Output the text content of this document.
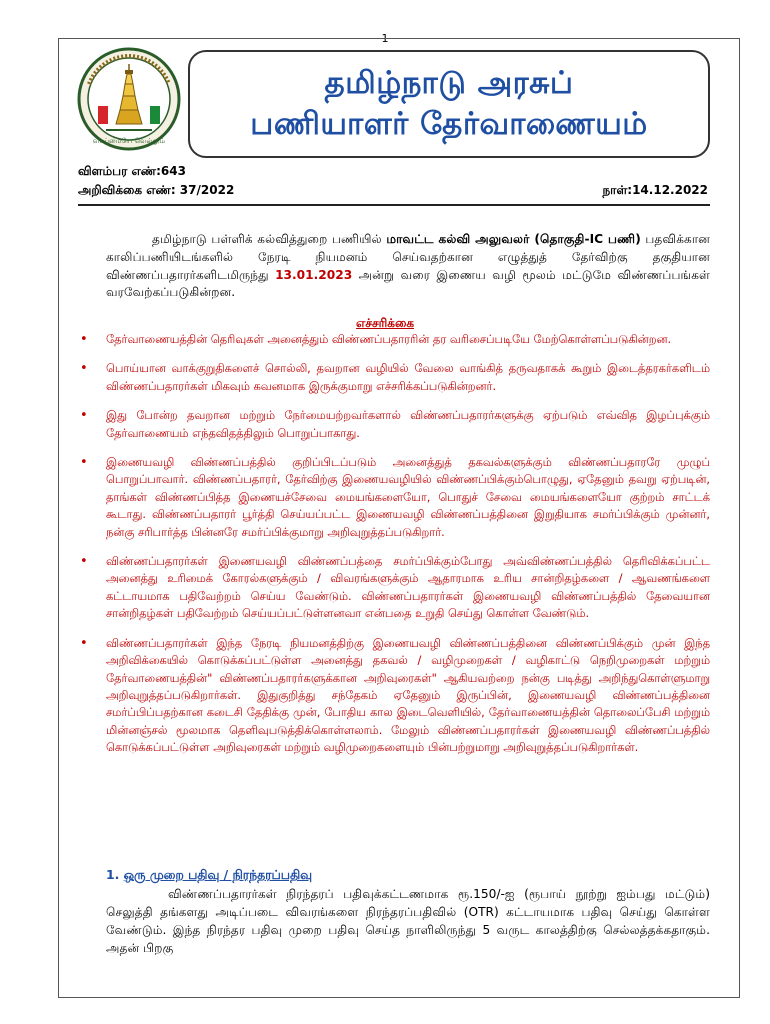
1
வாய்மையே வெல்லும்
தமிழ்நாடு அரசுப்
பணியாளர் தேர்வாணையம்
விளம்பர எண்:643
அறிவிக்கை எண்: 37/2022	நாள்:14.12.2022
தமிழ்நாடு பள்ளிக் கல்வித்துறை பணியில் மாவட்ட கல்வி அலுவலர் (தொகுதி-IC பணி) பதவிக்கான காலிப்பணியிடங்களில் நேரடி நியமனம் செய்வதற்கான எழுத்துத் தேர்விற்கு தகுதியான விண்ணப்பதாரர்களிடமிருந்து 13.01.2023 அன்று வரை இணைய வழி மூலம் மட்டுமே விண்ணப்பங்கள் வரவேற்கப்படுகின்றன.
எச்சரிக்கை
• தேர்வாணையத்தின் தெரிவுகள் அனைத்தும் விண்ணப்பதாரரின் தர வரிசைப்படியே மேற்கொள்ளப்படுகின்றன.
• பொய்யான வாக்குறுதிகளைச் சொல்லி, தவறான வழியில் வேலை வாங்கித் தருவதாகக் கூறும் இடைத்தரகர்களிடம் விண்ணப்பதாரர்கள் மிகவும் கவனமாக இருக்குமாறு எச்சரிக்கப்படுகின்றனர்.
• இது போன்ற தவறான மற்றும் நேர்மையற்றவர்களால் விண்ணப்பதாரர்களுக்கு ஏற்படும் எவ்வித இழப்புக்கும் தேர்வாணையம் எந்தவிதத்திலும் பொறுப்பாகாது.
• இணையவழி விண்ணப்பத்தில் குறிப்பிடப்படும் அனைத்துத் தகவல்களுக்கும் விண்ணப்பதாரரே முழுப் பொறுப்பாவார். விண்ணப்பதாரர், தேர்விற்கு இணையவழியில் விண்ணப்பிக்கும்பொழுது, ஏதேனும் தவறு ஏற்படின், தாங்கள் விண்ணப்பித்த இணையச்சேவை மையங்களையோ, பொதுச் சேவை மையங்களையோ குற்றம் சாட்டக் கூடாது. விண்ணப்பதாரர் பூர்த்தி செய்யப்பட்ட இணையவழி விண்ணப்பத்தினை இறுதியாக சமர்ப்பிக்கும் முன்னர், நன்கு சரிபார்த்த பின்னரே சமர்ப்பிக்குமாறு அறிவுறுத்தப்படுகிறார்.
• விண்ணப்பதாரர்கள் இணையவழி விண்ணப்பத்தை சமர்ப்பிக்கும்போது அவ்விண்ணப்பத்தில் தெரிவிக்கப்பட்ட அனைத்து உரிமைக் கோரல்களுக்கும் / விவரங்களுக்கும் ஆதாரமாக உரிய சான்றிதழ்களை / ஆவணங்களை கட்டாயமாக பதிவேற்றம் செய்ய வேண்டும். விண்ணப்பதாரர்கள் இணையவழி விண்ணப்பத்தில் தேவையான சான்றிதழ்கள் பதிவேற்றம் செய்யப்பட்டுள்ளனவா என்பதை உறுதி செய்து கொள்ள வேண்டும்.
• விண்ணப்பதாரர்கள் இந்த நேரடி நியமனத்திற்கு இணையவழி விண்ணப்பத்தினை விண்ணப்பிக்கும் முன் இந்த அறிவிக்கையில் கொடுக்கப்பட்டுள்ள அனைத்து தகவல் / வழிமுறைகள் / வழிகாட்டு நெறிமுறைகள் மற்றும் தேர்வாணையத்தின்" விண்ணப்பதாரர்களுக்கான அறிவுரைகள்" ஆகியவற்றை நன்கு படித்து அறிந்துகொள்ளுமாறு அறிவுறுத்தப்படுகிறார்கள். இதுகுறித்து சந்தேகம் ஏதேனும் இருப்பின், இணையவழி விண்ணப்பத்தினை சமர்ப்பிப்பதற்கான கடைசி தேதிக்கு முன், போதிய கால இடைவெளியில், தேர்வாணையத்தின் தொலைப்பேசி மற்றும் மின்னஞ்சல் மூலமாக தெளிவுபடுத்திக்கொள்ளலாம். மேலும் விண்ணப்பதாரர்கள் இணையவழி விண்ணப்பத்தில் கொடுக்கப்பட்டுள்ள அறிவுரைகள் மற்றும் வழிமுறைகளையும் பின்பற்றுமாறு அறிவுறுத்தப்படுகிறார்கள்.
1. ஒரு முறை பதிவு / நிரந்தரப்பதிவு
விண்ணப்பதாரர்கள் நிரந்தரப் பதிவுக்கட்டணமாக ரூ.150/-ஐ (ரூபாய் நூற்று ஐம்பது மட்டும்) செலுத்தி தங்களது அடிப்படை விவரங்களை நிரந்தரப்பதிவில் (OTR) கட்டாயமாக பதிவு செய்து கொள்ள வேண்டும். இந்த நிரந்தர பதிவு முறை பதிவு செய்த நாளிலிருந்து 5 வருட காலத்திற்கு செல்லத்தக்கதாகும். அதன் பிறகு
